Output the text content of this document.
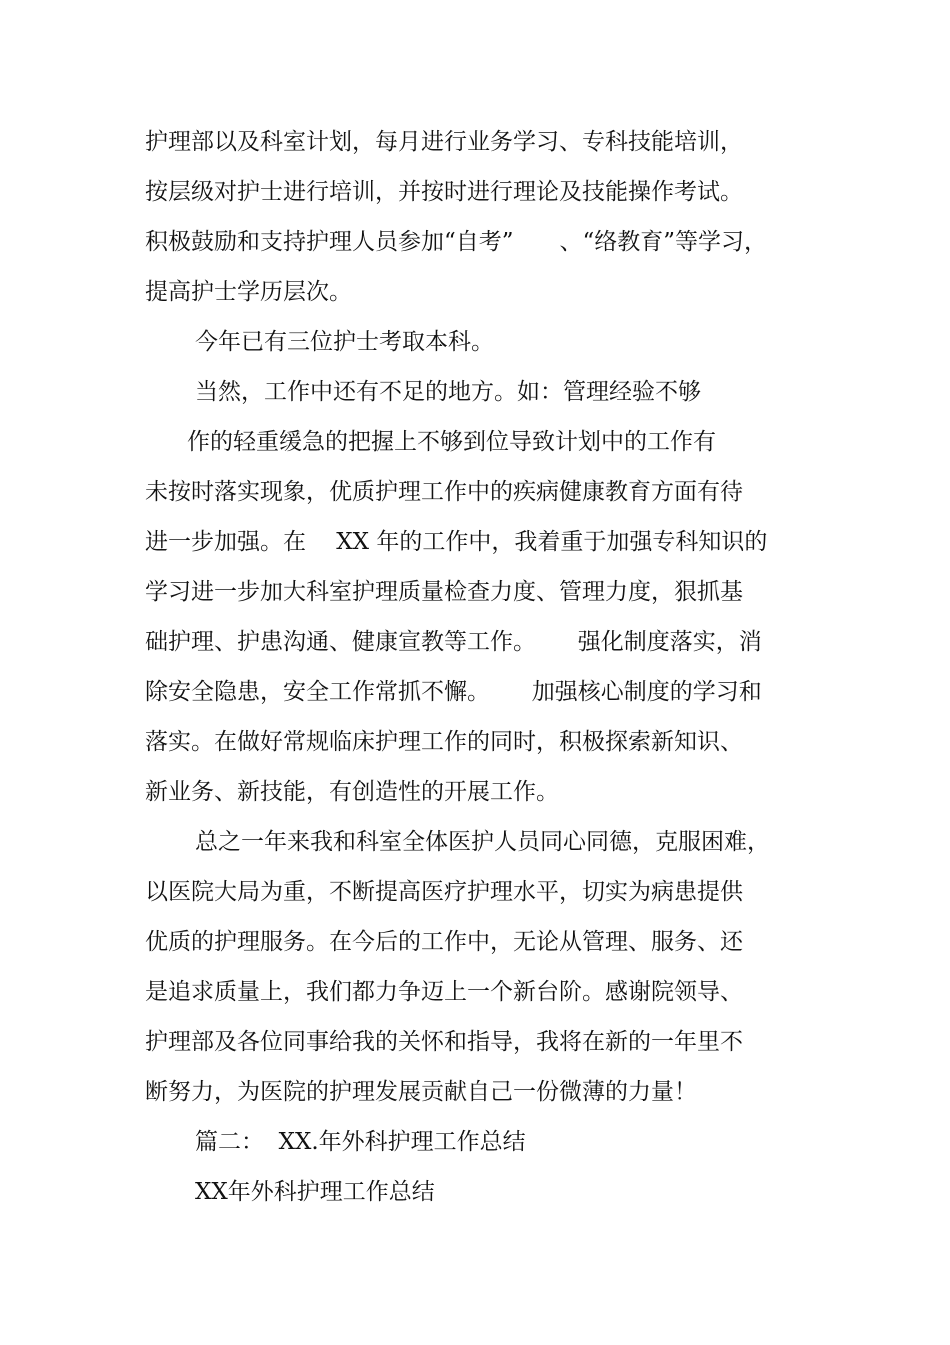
护理部以及科室计划，每月进行业务学习、专科技能培训，
按层级对护士进行培训，并按时进行理论及技能操作考试。
积极鼓励和支持护理人员参加“自考”　　、“络教育”等学习，
提高护士学历层次。
今年已有三位护士考取本科。
当然，工作中还有不足的地方。如：管理经验不够
作的轻重缓急的把握上不够到位导致计划中的工作有
未按时落实现象，优质护理工作中的疾病健康教育方面有待
进一步加强。在　 XX 年的工作中，我着重于加强专科知识的
学习进一步加大科室护理质量检查力度、管理力度，狠抓基
础护理、护患沟通、健康宣教等工作。　　 强化制度落实，消
除安全隐患，安全工作常抓不懈。　　 加强核心制度的学习和
落实。在做好常规临床护理工作的同时，积极探索新知识、
新业务、新技能，有创造性的开展工作。
总之一年来我和科室全体医护人员同心同德，克服困难，
以医院大局为重，不断提高医疗护理水平，切实为病患提供
优质的护理服务。在今后的工作中，无论从管理、服务、还
是追求质量上，我们都力争迈上一个新台阶。感谢院领导、
护理部及各位同事给我的关怀和指导，我将在新的一年里不
断努力，为医院的护理发展贡献自己一份微薄的力量！
篇二：  XX.年外科护理工作总结
XX年外科护理工作总结
